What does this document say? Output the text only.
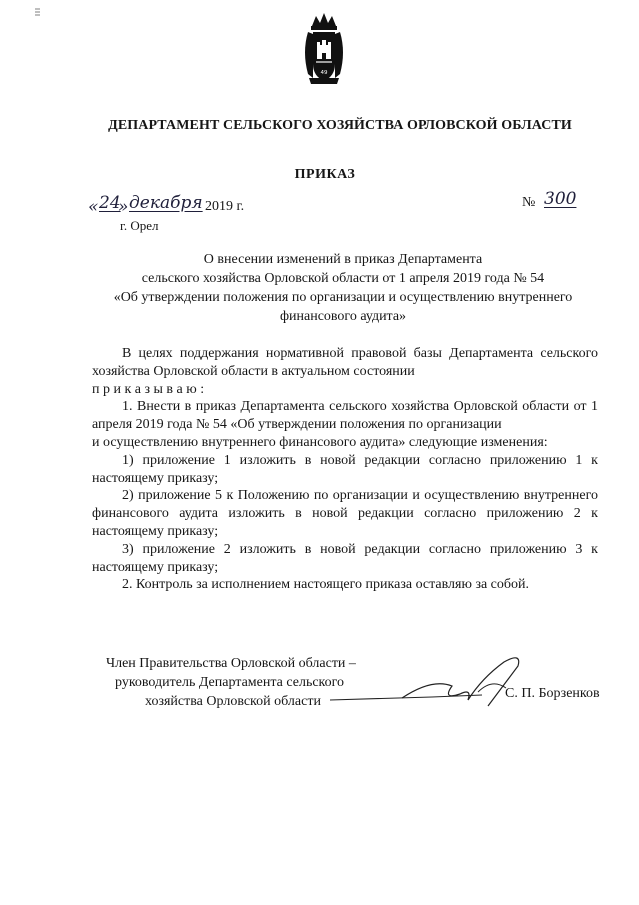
49
ДЕПАРТАМЕНТ СЕЛЬСКОГО ХОЗЯЙСТВА ОРЛОВСКОЙ ОБЛАСТИ
ПРИКАЗ
« 24
» декабря 2019 г.
г. Орел
№ 300
О внесении изменений в приказ Департамента
сельского хозяйства Орловской области от 1 апреля 2019 года № 54
«Об утверждении положения по организации и осуществлению внутреннего
финансового аудита»

В целях поддержания нормативной правовой базы Департамента сельского хозяйства Орловской области в актуальном состоянии

п р и к а з ы в а ю :

1. Внести в приказ Департамента сельского хозяйства Орловской области от 1 апреля 2019 года № 54 «Об утверждении положения по организации

и осуществлению внутреннего финансового аудита» следующие изменения:

1) приложение 1 изложить в новой редакции согласно приложению 1 к настоящему приказу;

2) приложение 5 к Положению по организации и осуществлению внутреннего финансового аудита изложить в новой редакции согласно приложению 2 к настоящему приказу;

3) приложение 2 изложить в новой редакции согласно приложению 3 к настоящему приказу;

2. Контроль за исполнением настоящего приказа оставляю за собой.

Член Правительства Орловской области –
руководитель Департамента сельского
хозяйства Орловской области
С. П. Борзенков
